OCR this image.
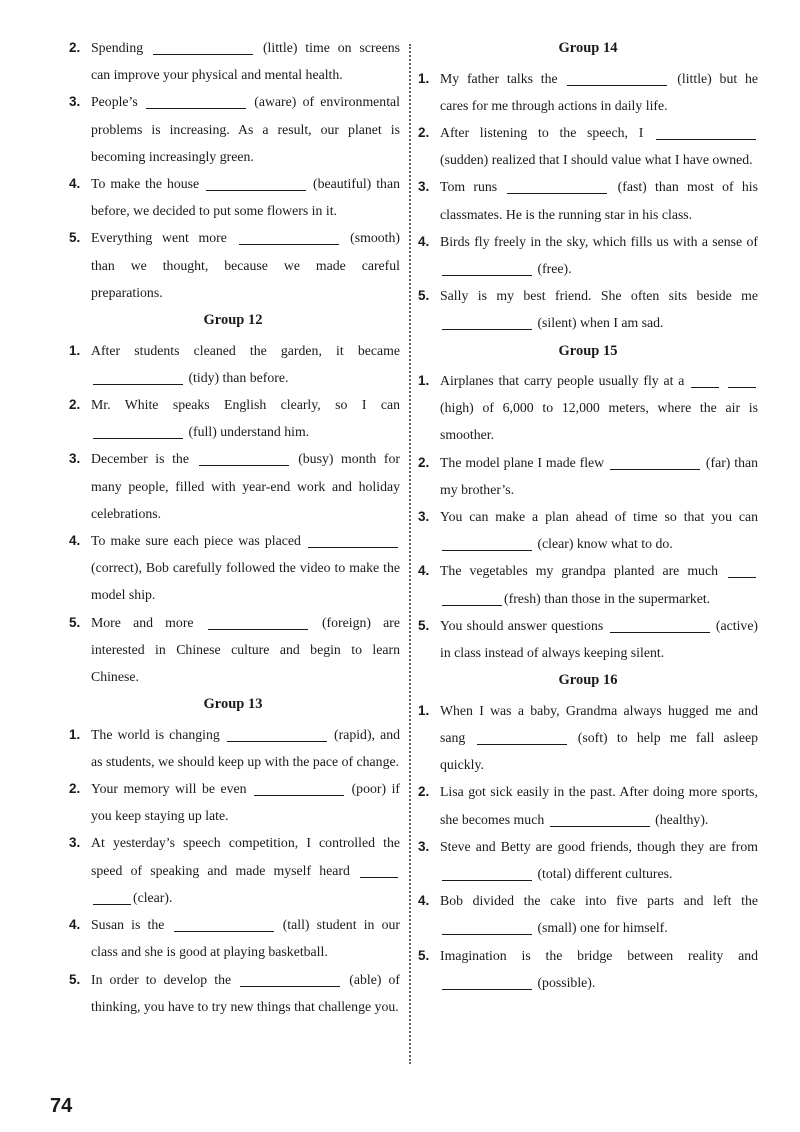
2. Spending	(little) time on screens can improve your physical and mental health.
3. People’s	(aware) of environmental problems is increasing. As a result, our planet is becoming increasingly green.
4. To make the house	(beautiful) than before, we decided to put some flowers in it.
5. Everything went more	(smooth) than we thought, because we made careful preparations.
Group 12
1. After students cleaned the garden, it became  (tidy) than before.
2. Mr. White speaks English clearly, so I can  (full) understand him.
3. December is the	(busy) month for many people, filled with year-end work and holiday celebrations.
4. To make sure each piece was placed  (correct), Bob carefully followed the video to make the model ship.
5. More and more	(foreign) are interested in Chinese culture and begin to learn Chinese.
Group 13
1. The world is changing	(rapid), and as students, we should keep up with the pace of change.
2. Your memory will be even	(poor) if you keep staying up late.
3. At yesterday’s speech competition, I controlled the speed of speaking and made myself heard  (clear).
4. Susan is the	(tall) student in our class and she is good at playing basketball.
5. In order to develop the	(able) of thinking, you have to try new things that challenge you.
Group 14
1. My father talks the	(little) but he cares for me through actions in daily life.
2. After listening to the speech, I  (sudden) realized that I should value what I have owned.
3. Tom runs	(fast) than most of his classmates. He is the running star in his class.
4. Birds fly freely in the sky, which fills us with a sense of  (free).
5. Sally is my best friend. She often sits beside me  (silent) when I am sad.
Group 15
1. Airplanes that carry people usually fly at a  (high) of 6,000 to 12,000 meters, where the air is smoother.
2. The model plane I made flew	(far) than my brother’s.
3. You can make a plan ahead of time so that you can  (clear) know what to do.
4. The vegetables my grandpa planted are much  (fresh) than those in the supermarket.
5. You should answer questions	(active) in class instead of always keeping silent.
Group 16
1. When I was a baby, Grandma always hugged me and sang	(soft) to help me fall asleep quickly.
2. Lisa got sick easily in the past. After doing more sports, she becomes much	(healthy).
3. Steve and Betty are good friends, though they are from  (total) different cultures.
4. Bob divided the cake into five parts and left the  (small) one for himself.
5. Imagination is the bridge between reality and  (possible).
74
